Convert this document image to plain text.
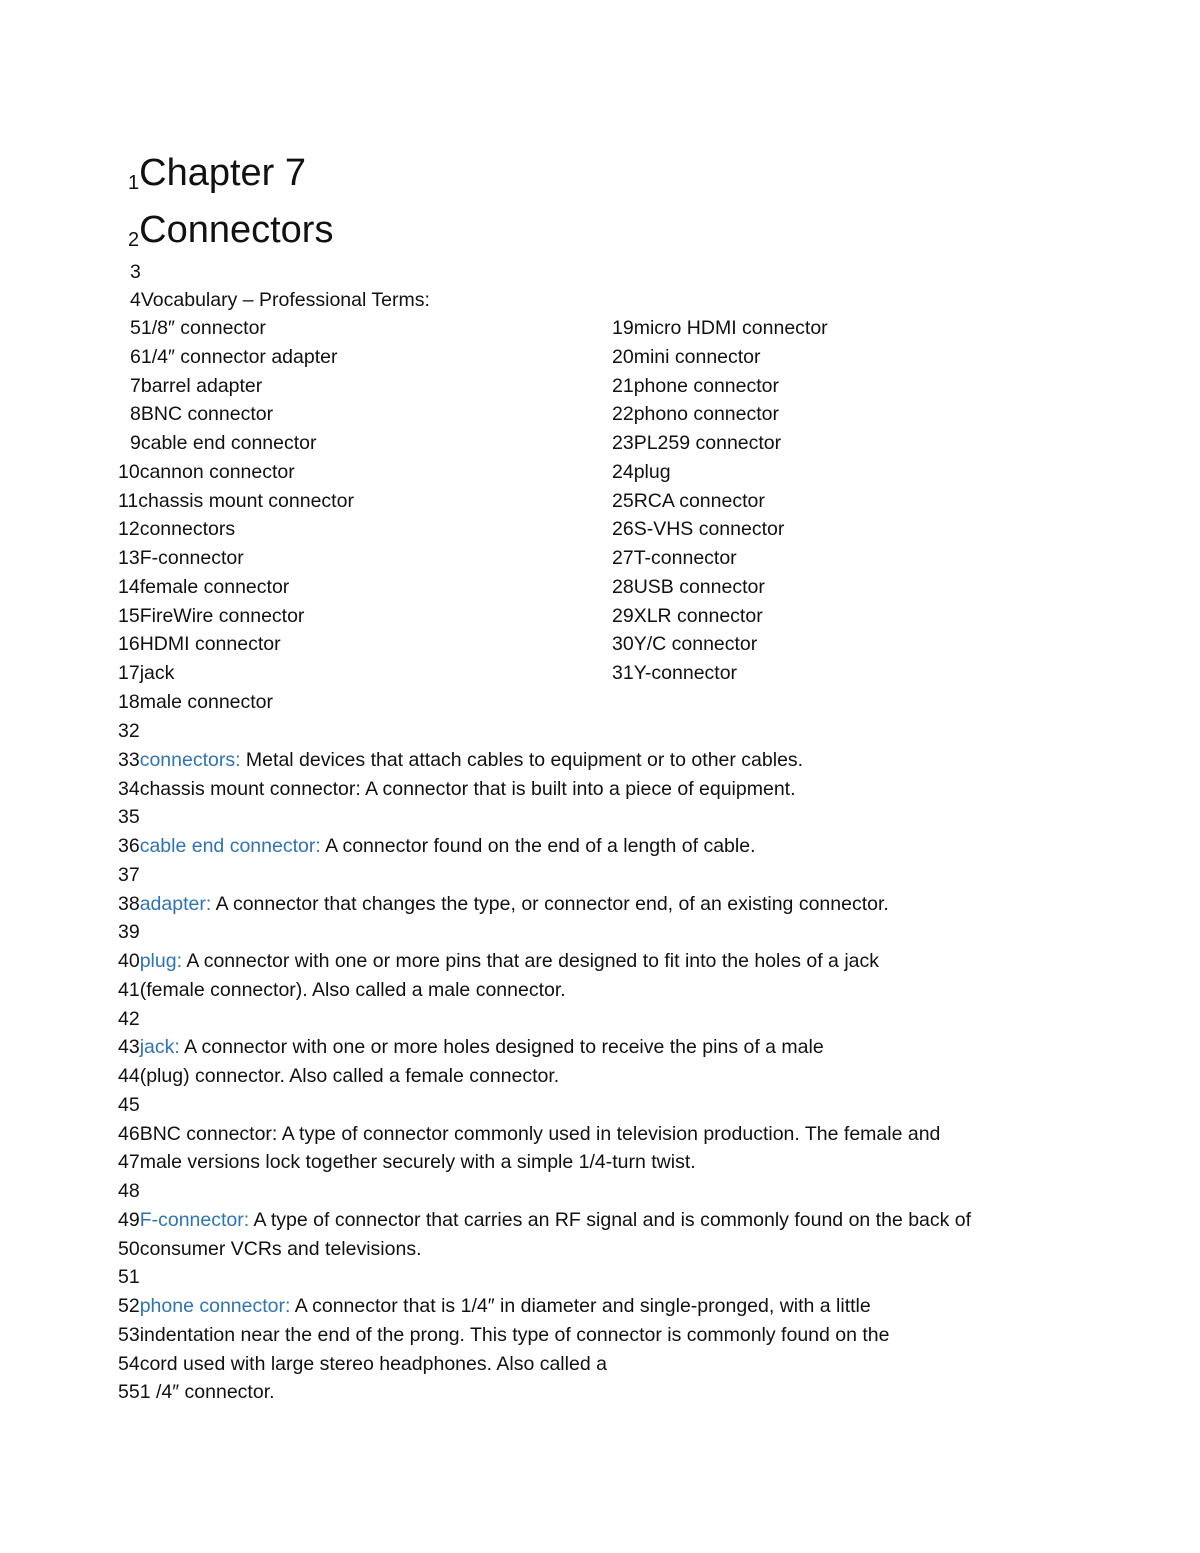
1Chapter 7
2Connectors
3
4Vocabulary – Professional Terms:
51/8″ connector
61/4″ connector adapter
7barrel adapter
8BNC connector
9cable end connector
10cannon connector
11chassis mount connector
12connectors
13F-connector
14female connector
15FireWire connector
16HDMI connector
17jack
18male connector
19micro HDMI connector
20mini connector
21phone connector
22phono connector
23PL259 connector
24plug
25RCA connector
26S-VHS connector
27T-connector
28USB connector
29XLR connector
30Y/C connector
31Y-connector
32
33connectors: Metal devices that attach cables to equipment or to other cables.
34chassis mount connector: A connector that is built into a piece of equipment.
35
36cable end connector: A connector found on the end of a length of cable.
37
38adapter: A connector that changes the type, or connector end, of an existing connector.
39
40plug: A connector with one or more pins that are designed to fit into the holes of a jack
41(female connector). Also called a male connector.
42
43jack: A connector with one or more holes designed to receive the pins of a male
44(plug) connector. Also called a female connector.
45
46BNC connector: A type of connector commonly used in television production. The female and
47male versions lock together securely with a simple 1/4-turn twist.
48
49F-connector: A type of connector that carries an RF signal and is commonly found on the back of
50consumer VCRs and televisions.
51
52phone connector: A connector that is 1/4″ in diameter and single-pronged, with a little
53indentation near the end of the prong. This type of connector is commonly found on the
54cord used with large stereo headphones. Also called a
551 /4″ connector.
